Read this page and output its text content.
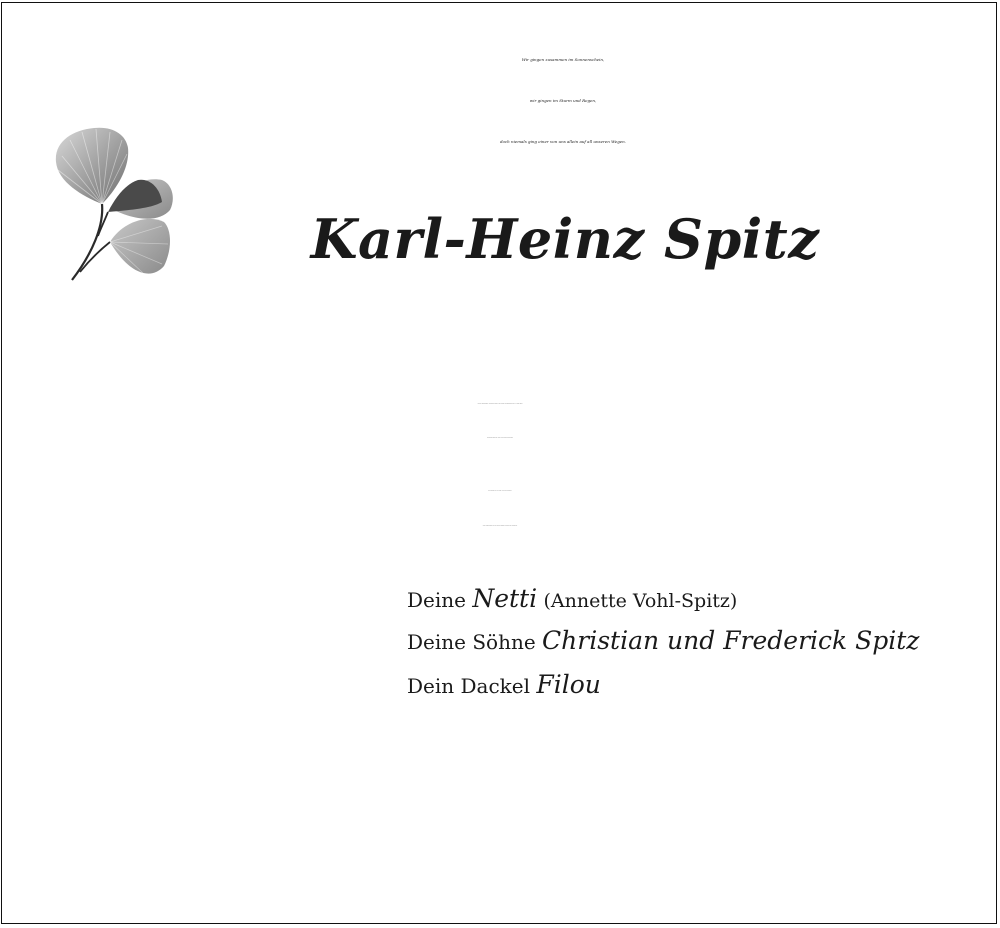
Wir gingen zusammen im Sonnenschein,
wir gingen im Sturm und Regen,
doch niemals ging einer von uns allein auf all unseren Wegen.
Karl-Heinz Spitz
Unsere gemeinsame Lebensreise ging in den frühen Morgenstunden des 3. Januar 2025
in meinen Armen zu Ende bis wir uns wiedersehen.
Wir danken Dir für Deine Liebe und Fürsorge.
Deine wunderbare Art wird uns für immer begleiten und verbinden.
Deine Netti (Annette Vohl-Spitz)
Deine Söhne Christian und Frederick Spitz
Dein Dackel Filou
